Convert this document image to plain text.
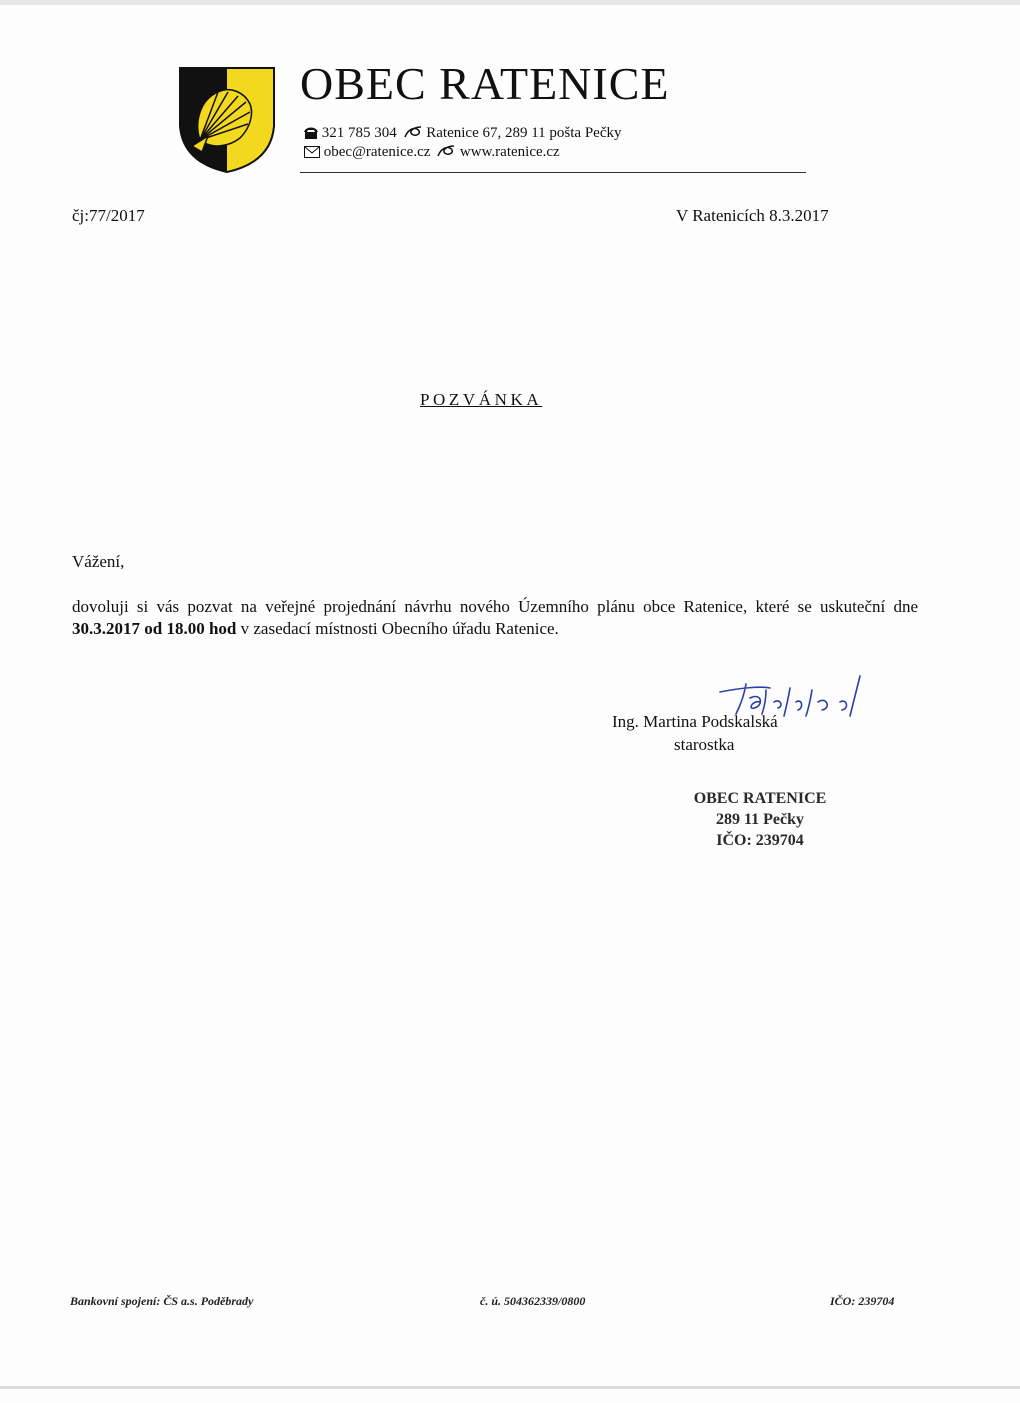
OBEC RATENICE
321 785 304 Ratenice 67, 289 11 pošta Pečky
obec@ratenice.cz www.ratenice.cz
čj:77/2017	V Ratenicích 8.3.2017
POZVÁNKA
Vážení,
dovoluji si vás pozvat na veřejné projednání návrhu nového Územního plánu obce Ratenice, které se uskuteční dne 30.3.2017 od 18.00 hod v zasedací místnosti Obecního úřadu Ratenice.
Ing. Martina Podskalská
starostka
OBEC RATENICE
289 11 Pečky
IČO: 239704
Bankovní spojení: ČS a.s. Poděbrady	č. ú. 504362339/0800	IČO: 239704
